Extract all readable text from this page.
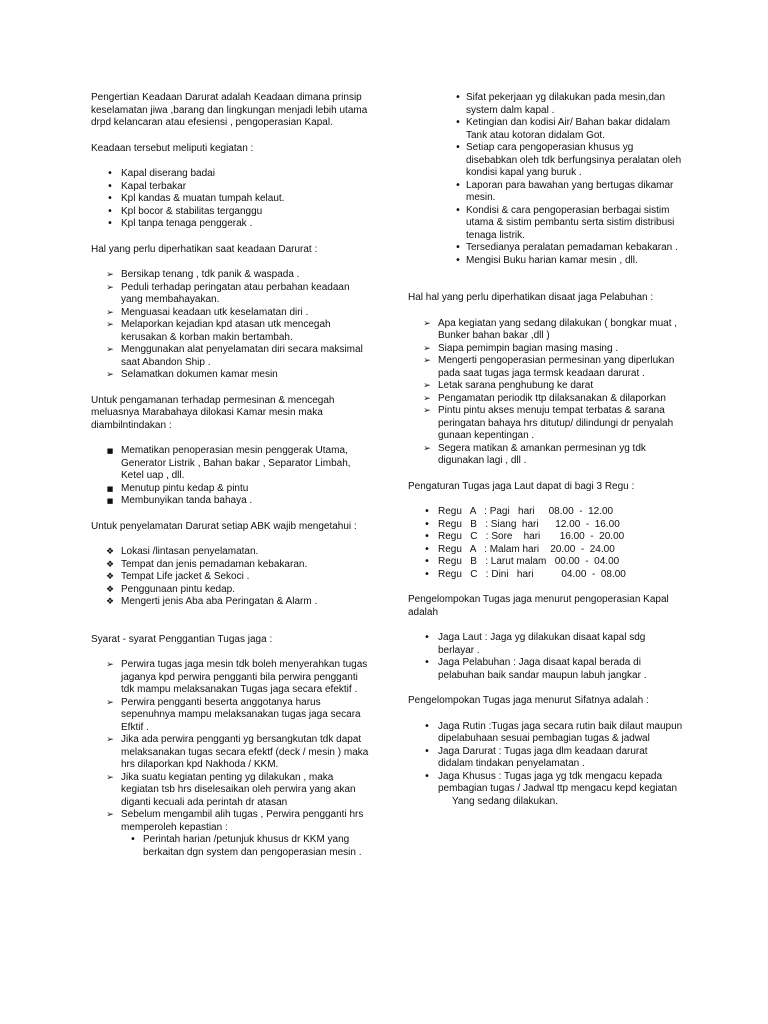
Pengertian Keadaan Darurat adalah Keadaan dimana prinsip keselamatan jiwa ,barang dan lingkungan menjadi lebih utama drpd kelancaran atau efesiensi , pengoperasian Kapal.

Keadaan tersebut meliputi kegiatan :

• Kapal diserang badai
• Kapal terbakar
• Kpl kandas & muatan tumpah kelaut.
• Kpl bocor & stabilitas terganggu
• Kpl tanpa tenaga penggerak .

Hal yang perlu diperhatikan saat keadaan Darurat :

➢ Bersikap tenang , tdk panik & waspada .
➢ Peduli terhadap peringatan atau perbahan keadaan yang membahayakan.
➢ Menguasai keadaan utk keselamatan diri .
➢ Melaporkan kejadian kpd atasan utk mencegah kerusakan & korban makin bertambah.
➢ Menggunakan alat penyelamatan diri secara maksimal saat Abandon Ship .
➢ Selamatkan dokumen kamar mesin

Untuk pengamanan terhadap permesinan & mencegah meluasnya Marabahaya dilokasi Kamar mesin maka diambilntindakan :

■ Mematikan penoperasian mesin penggerak Utama, Generator Listrik , Bahan bakar , Separator Limbah, Ketel uap , dll.
■ Menutup pintu kedap & pintu
■ Membunyikan tanda bahaya .

Untuk penyelamatan Darurat setiap ABK wajib mengetahui :

❖ Lokasi /lintasan penyelamatan.
❖ Tempat dan jenis pemadaman kebakaran.
❖ Tempat Life jacket & Sekoci .
❖ Penggunaan pintu kedap.
❖ Mengerti jenis Aba aba Peringatan & Alarm .

Syarat - syarat Penggantian Tugas jaga :

➢ Perwira tugas jaga mesin tdk boleh menyerahkan tugas jaganya kpd perwira pengganti bila perwira pengganti tdk mampu melaksanakan Tugas jaga secara efektif .
➢ Perwira pengganti beserta anggotanya harus sepenuhnya mampu melaksanakan tugas jaga secara Efktif .
➢ Jika ada perwira pengganti yg bersangkutan tdk dapat melaksanakan tugas secara efektf (deck / mesin ) maka hrs dilaporkan kpd Nakhoda / KKM.
➢ Jika suatu kegiatan penting yg dilakukan , maka kegiatan tsb hrs diselesaikan oleh perwira yang akan diganti kecuali ada perintah dr atasan
➢ Sebelum mengambil alih tugas , Perwira pengganti hrs memperoleh kepastian :
• Perintah harian /petunjuk khusus dr KKM yang berkaitan dgn system dan pengoperasian mesin .
• Sifat pekerjaan yg dilakukan pada mesin,dan system dalm kapal .
• Ketingian dan kodisi Air/ Bahan bakar didalam Tank atau kotoran didalam Got.
• Setiap cara pengoperasian khusus yg disebabkan oleh tdk berfungsinya peralatan oleh kondisi kapal yang buruk .
• Laporan para bawahan yang bertugas dikamar mesin.
• Kondisi & cara pengoperasian berbagai sistim utama & sistim pembantu serta sistim distribusi tenaga listrik.
• Tersedianya peralatan pemadaman kebakaran .
• Mengisi Buku harian kamar mesin , dll.

Hal hal yang perlu diperhatikan disaat jaga Pelabuhan :

➢ Apa kegiatan yang sedang dilakukan ( bongkar muat , Bunker bahan bakar ,dll )
➢ Siapa pemimpin bagian masing masing .
➢ Mengerti pengoperasian permesinan yang diperlukan pada saat tugas jaga termsk keadaan darurat .
➢ Letak sarana penghubung ke darat
➢ Pengamatan periodik ttp dilaksanakan & dilaporkan
➢ Pintu pintu akses menuju tempat terbatas & sarana peringatan bahaya hrs ditutup/ dilindungi dr penyalah gunaan kepentingan .
➢ Segera matikan & amankan permesinan yg tdk digunakan lagi , dll .

Pengaturan Tugas jaga Laut dapat di bagi 3 Regu :

• Regu   A   : Pagi   hari     08.00  -  12.00
• Regu   B   : Siang  hari      12.00  -  16.00
• Regu   C   : Sore    hari       16.00  -  20.00
• Regu   A   : Malam hari    20.00  -  24.00
• Regu   B   : Larut malam   00.00  -  04.00
• Regu   C   : Dini   hari          04.00  -  08.00

Pengelompokan Tugas jaga menurut pengoperasian Kapal adalah

• Jaga Laut : Jaga yg dilakukan disaat kapal sdg berlayar .
• Jaga Pelabuhan : Jaga disaat kapal berada di pelabuhan baik sandar maupun labuh jangkar .

Pengelompokan Tugas jaga menurut Sifatnya adalah :

• Jaga Rutin :Tugas jaga secara rutin baik dilaut maupun dipelabuhaan sesuai pembagian tugas & jadwal
• Jaga Darurat : Tugas jaga dlm keadaan darurat didalam tindakan penyelamatan .
• Jaga Khusus : Tugas jaga yg tdk mengacu kepada pembagian tugas / Jadwal ttp mengacu kepd kegiatan

Yang sedang dilakukan.
